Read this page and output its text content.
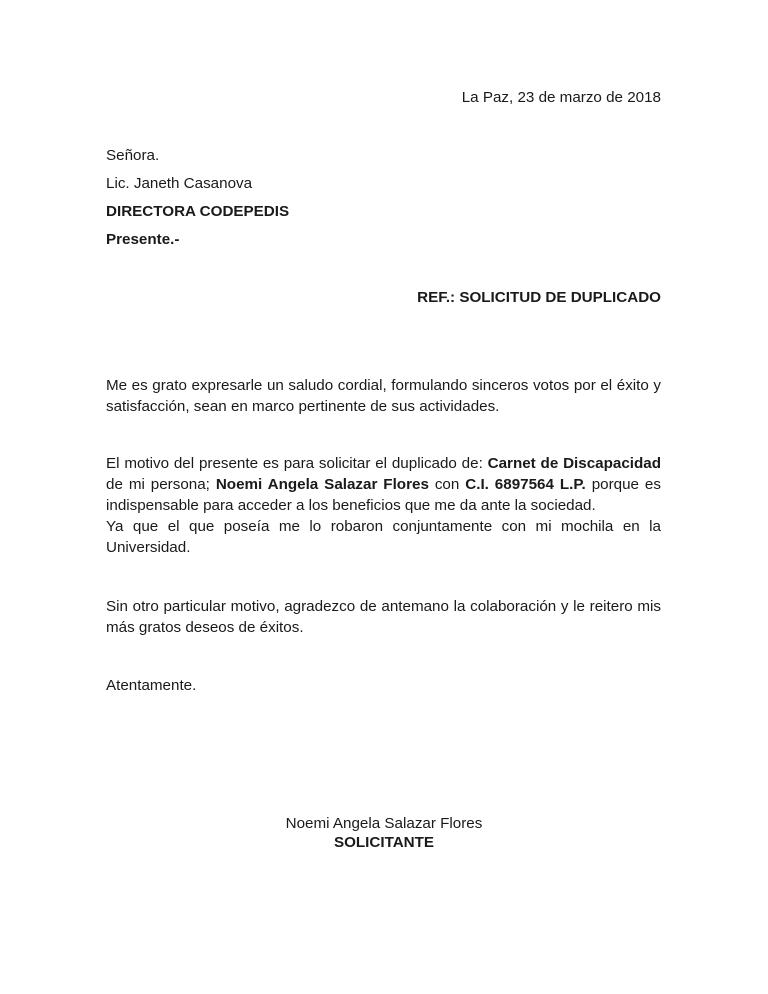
La Paz, 23 de marzo de 2018
Señora.
Lic. Janeth Casanova
DIRECTORA CODEPEDIS
Presente.-
REF.: SOLICITUD DE DUPLICADO
Me es grato expresarle un saludo cordial, formulando sinceros votos por el éxito y satisfacción, sean en marco pertinente de sus actividades.
El motivo del presente es para solicitar el duplicado de: Carnet de Discapacidad de mi persona; Noemi Angela Salazar Flores con C.I. 6897564 L.P. porque es indispensable para acceder a los beneficios que me da ante la sociedad.
Ya que el que poseía me lo robaron conjuntamente con mi mochila en la Universidad.
Sin otro particular motivo, agradezco de antemano la colaboración y le reitero mis más gratos deseos de éxitos.
Atentamente.
Noemi Angela Salazar Flores
SOLICITANTE
